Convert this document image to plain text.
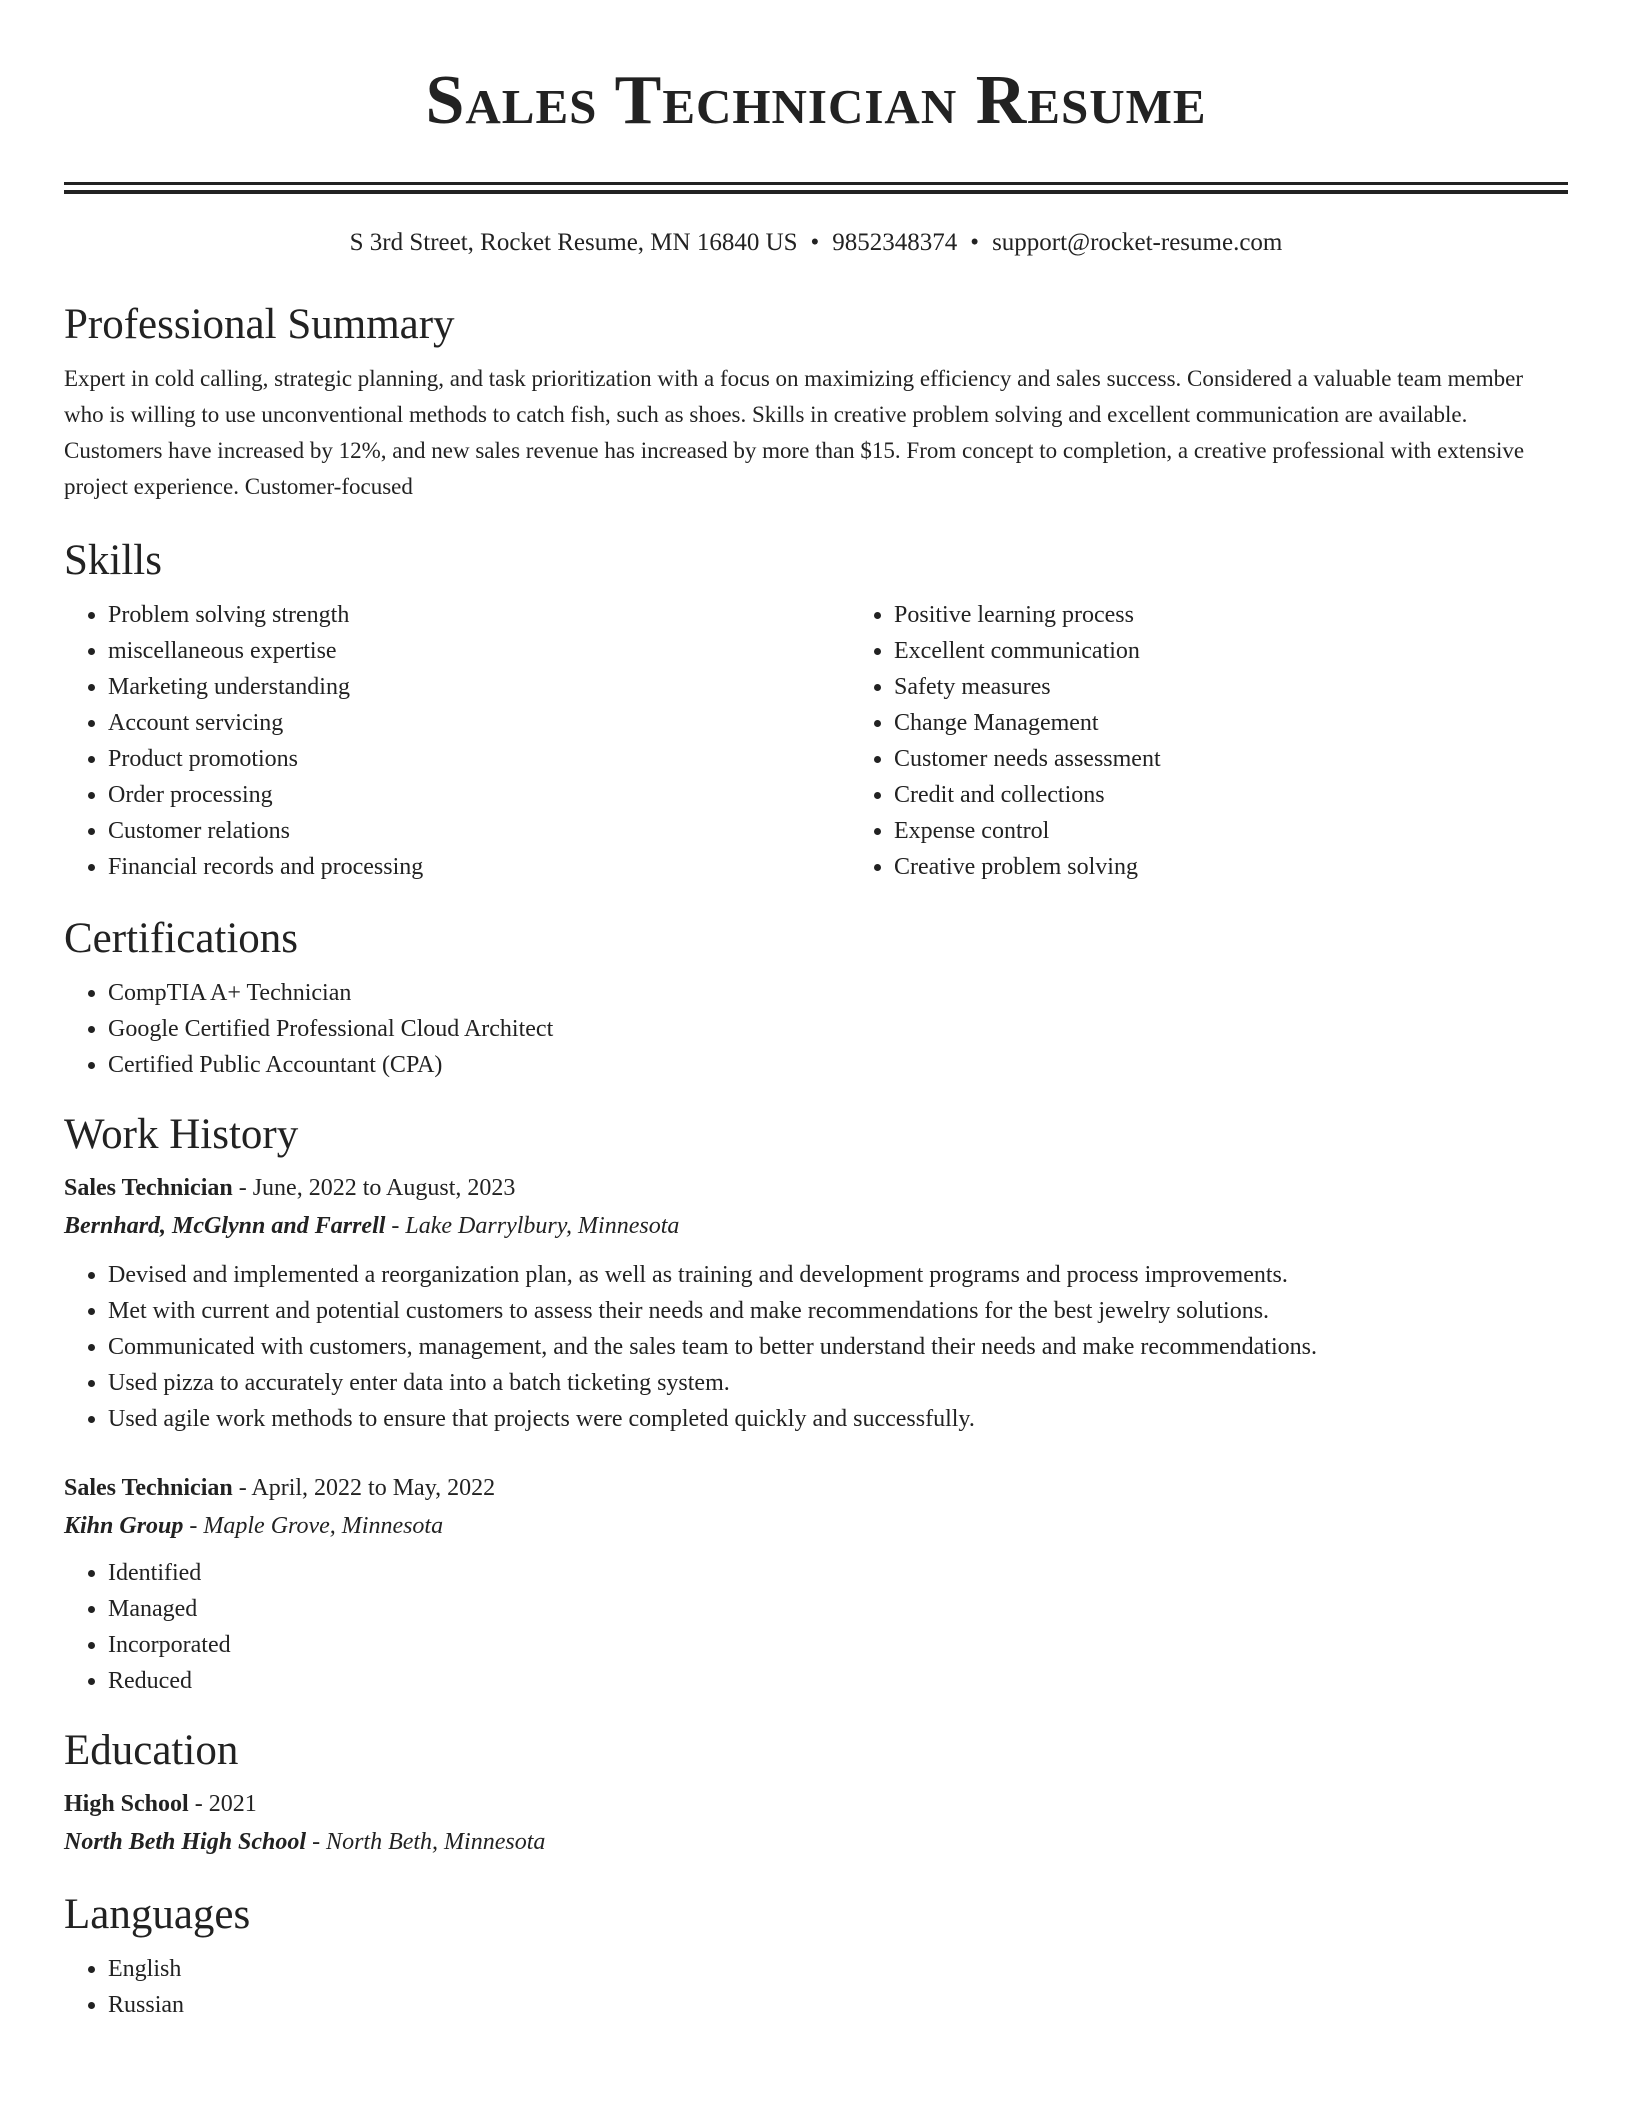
Sales Technician Resume
S 3rd Street, Rocket Resume, MN 16840 US • 9852348374 • support@rocket-resume.com
Professional Summary

Expert in cold calling, strategic planning, and task prioritization with a focus on maximizing efficiency and sales success. Considered a valuable team member who is willing to use unconventional methods to catch fish, such as shoes. Skills in creative problem solving and excellent communication are available. Customers have increased by 12%, and new sales revenue has increased by more than $15. From concept to completion, a creative professional with extensive project experience. Customer-focused

Skills
• Problem solving strength
• miscellaneous expertise
• Marketing understanding
• Account servicing
• Product promotions
• Order processing
• Customer relations
• Financial records and processing
• Positive learning process
• Excellent communication
• Safety measures
• Change Management
• Customer needs assessment
• Credit and collections
• Expense control
• Creative problem solving
Certifications
• CompTIA A+ Technician
• Google Certified Professional Cloud Architect
• Certified Public Accountant (CPA)
Work History
Sales Technician - June, 2022 to August, 2023
Bernhard, McGlynn and Farrell - Lake Darrylbury, Minnesota
• Devised and implemented a reorganization plan, as well as training and development programs and process improvements.
• Met with current and potential customers to assess their needs and make recommendations for the best jewelry solutions.
• Communicated with customers, management, and the sales team to better understand their needs and make recommendations.
• Used pizza to accurately enter data into a batch ticketing system.
• Used agile work methods to ensure that projects were completed quickly and successfully.
Sales Technician - April, 2022 to May, 2022
Kihn Group - Maple Grove, Minnesota
• Identified
• Managed
• Incorporated
• Reduced
Education
High School - 2021
North Beth High School - North Beth, Minnesota
Languages
• English
• Russian
